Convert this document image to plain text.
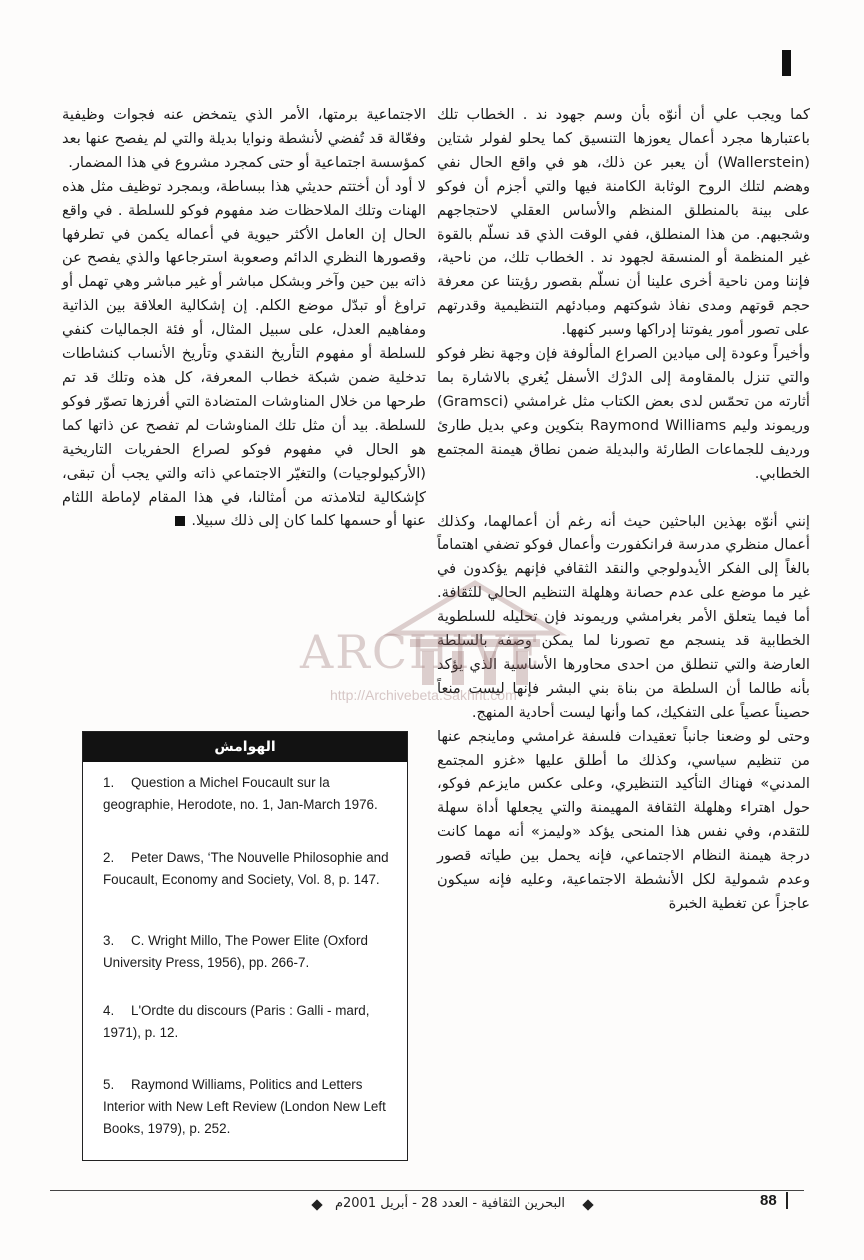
كما ويجب علي أن أنوّه بأن وسم جهود ند . الخطاب تلك باعتبارها مجرد أعمال يعوزها التنسيق كما يحلو لفولر شتاين (Wallerstein) أن يعبر عن ذلك، هو في واقع الحال نفي وهضم لتلك الروح الوثابة الكامنة فيها والتي أجزم أن فوكو على بينة بالمنطلق المنظم والأساس العقلي لاحتجاجهم وشجبهم. من هذا المنطلق، ففي الوقت الذي قد نسلّم بالقوة غير المنظمة أو المنسقة لجهود ند . الخطاب تلك، من ناحية، فإننا ومن ناحية أخرى علينا أن نسلّم بقصور رؤيتنا عن معرفة حجم قوتهم ومدى نفاذ شوكتهم ومبادئهم التنظيمية وقدرتهم على تصور أمور يفوتنا إدراكها وسبر كنهها.

وأخيراً وعودة إلى ميادين الصراع المألوفة فإن وجهة نظر فوكو والتي تنزل بالمقاومة إلى الدرْك الأسفل يُغري بالاشارة بما أثارته من تحمّس لدى بعض الكتاب مثل غرامشي (Gramsci) وريموند وليم Raymond Williams بتكوين وعي بديل طارئ ورديف للجماعات الطارئة والبديلة ضمن نطاق هيمنة المجتمع الخطابي.

إنني أنوّه بهذين الباحثين حيث أنه رغم أن أعمالهما، وكذلك أعمال منظري مدرسة فرانكفورت وأعمال فوكو تضفي اهتماماً بالغاً إلى الفكر الأيدولوجي والنقد الثقافي فإنهم يؤكدون في غير ما موضع على عدم حصانة وهلهلة التنظيم الحالي للثقافة. أما فيما يتعلق الأمر بغرامشي وريموند فإن تحليله للسلطوية الخطابية قد ينسجم مع تصورنا لما يمكن وصفه بالسلطة العارضة والتي تنطلق من احدى محاورها الأساسية الذي يؤكد بأنه طالما أن السلطة من بناة بني البشر فإنها ليست منعاً حصيناً عصياً على التفكيك، كما وأنها ليست أحادية المنهج.

وحتى لو وضعنا جانباً تعقيدات فلسفة غرامشي وماينجم عنها من تنظيم سياسي، وكذلك ما أطلق عليها «غزو المجتمع المدني» فهناك التأكيد التنظيري، وعلى عكس مايزعم فوكو، حول اهتراء وهلهلة الثقافة المهيمنة والتي يجعلها أداة سهلة للتقدم، وفي نفس هذا المنحى يؤكد «وليمز» أنه مهما كانت درجة هيمنة النظام الاجتماعي، فإنه يحمل بين طياته قصور وعدم شمولية لكل الأنشطة الاجتماعية، وعليه فإنه سيكون عاجزاً عن تغطية الخبرة

الاجتماعية برمتها، الأمر الذي يتمخض عنه فجوات وظيفية وفعّالة قد تُفضي لأنشطة ونوايا بديلة والتي لم يفصح عنها بعد كمؤسسة اجتماعية أو حتى كمجرد مشروع في هذا المضمار.

لا أود أن أختتم حديثي هذا ببساطة، وبمجرد توظيف مثل هذه الهنات وتلك الملاحظات ضد مفهوم فوكو للسلطة . في واقع الحال إن العامل الأكثر حيوية في أعماله يكمن في تطرفها وقصورها النظري الدائم وصعوبة استرجاعها والذي يفصح عن ذاته بين حين وآخر وبشكل مباشر أو غير مباشر وهي تهمل أو تراوغ أو تبدّل موضع الكلم. إن إشكالية العلاقة بين الذاتية ومفاهيم العدل، على سبيل المثال، أو فئة الجماليات كنفي للسلطة أو مفهوم التأريخ النقدي وتأريخ الأنساب كنشاطات تدخلية ضمن شبكة خطاب المعرفة، كل هذه وتلك قد تم طرحها من خلال المناوشات المتضادة التي أفرزها تصوّر فوكو للسلطة. بيد أن مثل تلك المناوشات لم تفصح عن ذاتها كما هو الحال في مفهوم فوكو لصراع الحفريات التاريخية (الأركيولوجيات) والتغيّر الاجتماعي ذاته والتي يجب أن تبقى، كإشكالية لتلامذته من أمثالنا، في هذا المقام لإماطة اللثام عنها أو حسمها كلما كان إلى ذلك سبيلا.

الهوامش
1. Question a Michel Foucault sur la geographie, Herodote, no. 1, Jan-March 1976.
2. Peter Daws, ‘The Nouvelle Philosophie and Foucault, Economy and Society, Vol. 8, p. 147.
3. C. Wright Millo, The Power Elite (Oxford University Press, 1956), pp. 266-7.
4. L'Ordte du discours (Paris : Galli - mard, 1971), p. 12.
5. Raymond Williams, Politics and Letters Interior with New Left Review (London New Left Books, 1979), p. 252.
ARCHIVE
http://Archivebeta.Sakhrit.com
البحرين الثقافية - العدد 28 - أبريل 2001م	88
